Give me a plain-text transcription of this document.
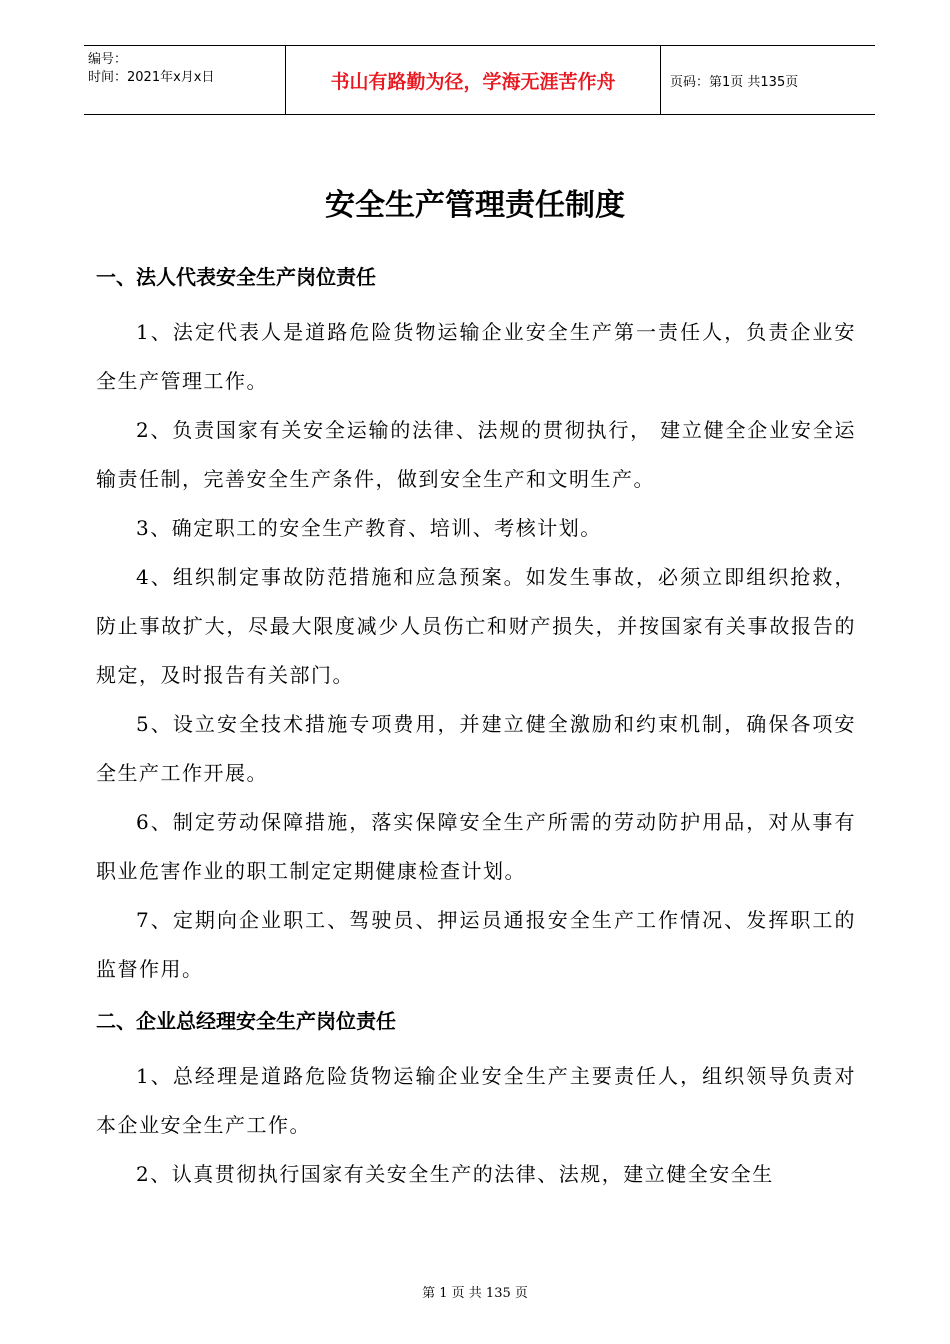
编号：
时间：2021年x月x日	书山有路勤为径，学海无涯苦作舟	页码：第1页 共135页
安全生产管理责任制度
一、法人代表安全生产岗位责任

1、法定代表人是道路危险货物运输企业安全生产第一责任人，负责企业安全生产管理工作。

2、负责国家有关安全运输的法律、法规的贯彻执行， 建立健全企业安全运输责任制，完善安全生产条件，做到安全生产和文明生产。

3、确定职工的安全生产教育、培训、考核计划。

4、组织制定事故防范措施和应急预案。如发生事故，必须立即组织抢救，防止事故扩大，尽最大限度减少人员伤亡和财产损失，并按国家有关事故报告的规定，及时报告有关部门。

5、设立安全技术措施专项费用，并建立健全激励和约束机制，确保各项安全生产工作开展。

6、制定劳动保障措施，落实保障安全生产所需的劳动防护用品，对从事有职业危害作业的职工制定定期健康检查计划。

7、定期向企业职工、驾驶员、押运员通报安全生产工作情况、发挥职工的监督作用。

二、企业总经理安全生产岗位责任

1、总经理是道路危险货物运输企业安全生产主要责任人，组织领导负责对本企业安全生产工作。

2、认真贯彻执行国家有关安全生产的法律、法规，建立健全安全生

第 1 页 共 135 页
